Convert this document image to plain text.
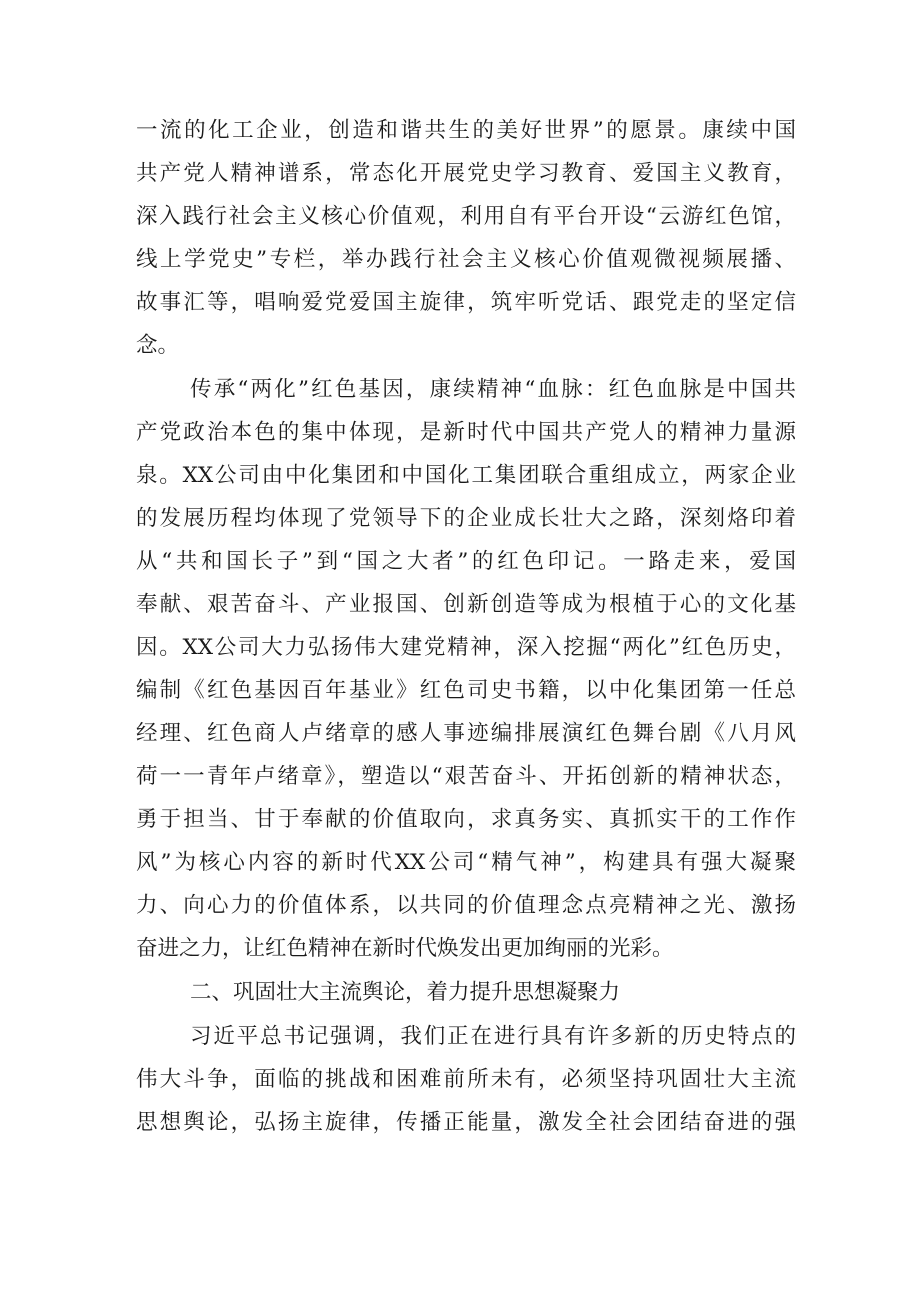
一流的化工企业，创造和谐共生的美好世界”的愿景。康续中国
共产党人精神谱系，常态化开展党史学习教育、爱国主义教育，
深入践行社会主义核心价值观，利用自有平台开设“云游红色馆，
线上学党史”专栏，举办践行社会主义核心价值观微视频展播、
故事汇等，唱响爱党爱国主旋律，筑牢听党话、跟党走的坚定信
念。
传承“两化”红色基因，康续精神“血脉：红色血脉是中国共
产党政治本色的集中体现，是新时代中国共产党人的精神力量源
泉。XX公司由中化集团和中国化工集团联合重组成立，两家企业
的发展历程均体现了党领导下的企业成长壮大之路，深刻烙印着
从“共和国长子”到“国之大者”的红色印记。一路走来，爱国
奉献、艰苦奋斗、产业报国、创新创造等成为根植于心的文化基
因。XX公司大力弘扬伟大建党精神，深入挖掘“两化”红色历史，
编制《红色基因百年基业》红色司史书籍，以中化集团第一任总
经理、红色商人卢绪章的感人事迹编排展演红色舞台剧《八月风
荷一一青年卢绪章》，塑造以“艰苦奋斗、开拓创新的精神状态，
勇于担当、甘于奉献的价值取向，求真务实、真抓实干的工作作
风”为核心内容的新时代XX公司“精气神”，构建具有强大凝聚
力、向心力的价值体系，以共同的价值理念点亮精神之光、激扬
奋进之力，让红色精神在新时代焕发出更加绚丽的光彩。
二、巩固壮大主流舆论，着力提升思想凝聚力
习近平总书记强调，我们正在进行具有许多新的历史特点的
伟大斗争，面临的挑战和困难前所未有，必须坚持巩固壮大主流
思想舆论，弘扬主旋律，传播正能量，激发全社会团结奋进的强
